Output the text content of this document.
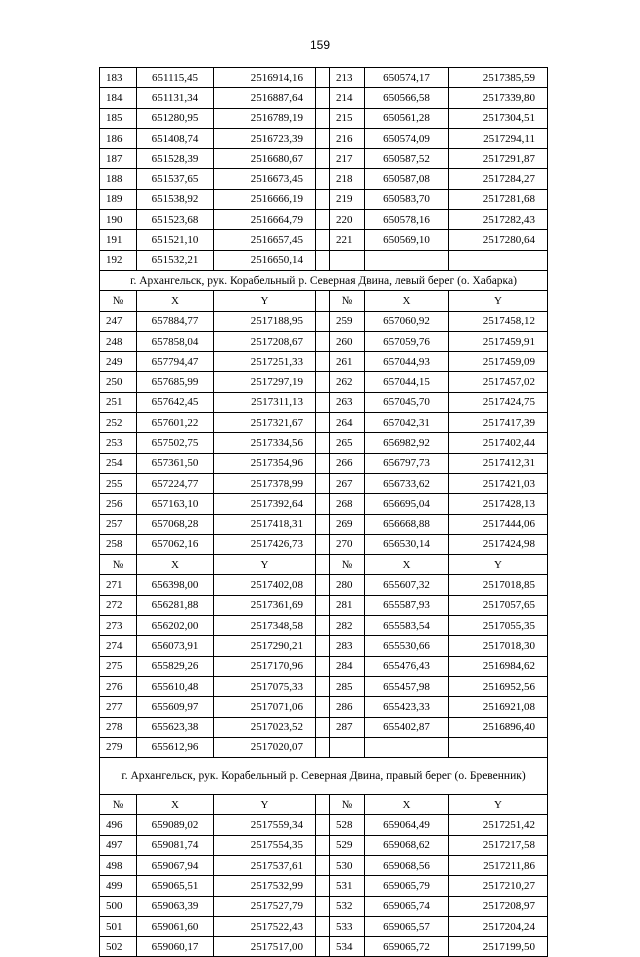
159
183	651115,45	2516914,16		213	650574,17	2517385,59
184	651131,34	2516887,64		214	650566,58	2517339,80
185	651280,95	2516789,19		215	650561,28	2517304,51
186	651408,74	2516723,39		216	650574,09	2517294,11
187	651528,39	2516680,67		217	650587,52	2517291,87
188	651537,65	2516673,45		218	650587,08	2517284,27
189	651538,92	2516666,19		219	650583,70	2517281,68
190	651523,68	2516664,79		220	650578,16	2517282,43
191	651521,10	2516657,45		221	650569,10	2517280,64
192	651532,21	2516650,14				
г. Архангельск, рук. Корабельный р. Северная Двина, левый берег (о. Хабарка)						
№	X	Y		№	X	Y
247	657884,77	2517188,95		259	657060,92	2517458,12
248	657858,04	2517208,67		260	657059,76	2517459,91
249	657794,47	2517251,33		261	657044,93	2517459,09
250	657685,99	2517297,19		262	657044,15	2517457,02
251	657642,45	2517311,13		263	657045,70	2517424,75
252	657601,22	2517321,67		264	657042,31	2517417,39
253	657502,75	2517334,56		265	656982,92	2517402,44
254	657361,50	2517354,96		266	656797,73	2517412,31
255	657224,77	2517378,99		267	656733,62	2517421,03
256	657163,10	2517392,64		268	656695,04	2517428,13
257	657068,28	2517418,31		269	656668,88	2517444,06
258	657062,16	2517426,73		270	656530,14	2517424,98
№	X	Y		№	X	Y
271	656398,00	2517402,08		280	655607,32	2517018,85
272	656281,88	2517361,69		281	655587,93	2517057,65
273	656202,00	2517348,58		282	655583,54	2517055,35
274	656073,91	2517290,21		283	655530,66	2517018,30
275	655829,26	2517170,96		284	655476,43	2516984,62
276	655610,48	2517075,33		285	655457,98	2516952,56
277	655609,97	2517071,06		286	655423,33	2516921,08
278	655623,38	2517023,52		287	655402,87	2516896,40
279	655612,96	2517020,07				
г. Архангельск, рук. Корабельный р. Северная Двина, правый берег (о. Бревенник)						
№	X	Y		№	X	Y
496	659089,02	2517559,34		528	659064,49	2517251,42
497	659081,74	2517554,35		529	659068,62	2517217,58
498	659067,94	2517537,61		530	659068,56	2517211,86
499	659065,51	2517532,99		531	659065,79	2517210,27
500	659063,39	2517527,79		532	659065,74	2517208,97
501	659061,60	2517522,43		533	659065,57	2517204,24
502	659060,17	2517517,00		534	659065,72	2517199,50
